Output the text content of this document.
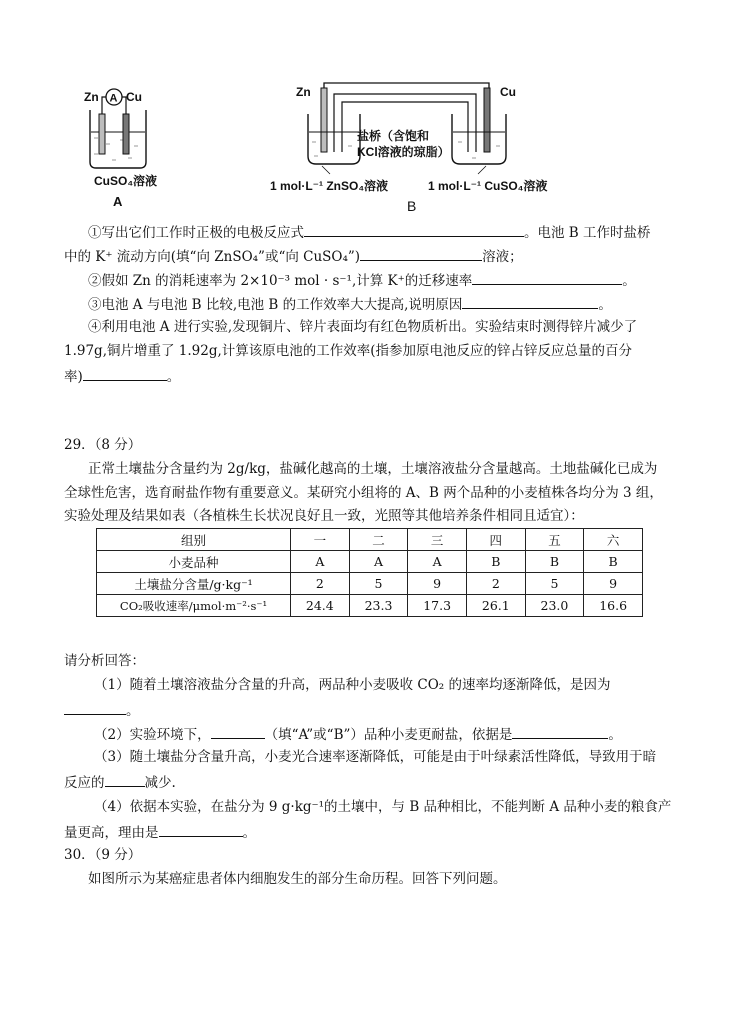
Zn A Cu
CuSO₄溶液
A
Zn	Cu
盐桥（含饱和
KCl溶液的琼脂）
1 mol·L⁻¹ ZnSO₄溶液	1 mol·L⁻¹ CuSO₄溶液
B
①写出它们工作时正极的电极反应式	。电池 B 工作时盐桥
中的 K⁺ 流动方向(填“向 ZnSO₄”或“向 CuSO₄”)	溶液；
②假如 Zn 的消耗速率为 2×10⁻³ mol · s⁻¹,计算 K⁺的迁移速率	。
③电池 A 与电池 B 比较,电池 B 的工作效率大大提高,说明原因	。
④利用电池 A 进行实验,发现铜片、锌片表面均有红色物质析出。实验结束时测得锌片减少了
1.97g,铜片增重了 1.92g,计算该原电池的工作效率(指参加原电池反应的锌占锌反应总量的百分
率)	。
29．（8 分）
正常土壤盐分含量约为 2g/kg，盐碱化越高的土壤，土壤溶液盐分含量越高。土地盐碱化已成为
全球性危害，选育耐盐作物有重要意义。某研究小组将的 A、B 两个品种的小麦植株各均分为 3 组，
实验处理及结果如表（各植株生长状况良好且一致，光照等其他培养条件相同且适宜）：
组别	一	二	三	四	五	六
小麦品种	A	A	A	B	B	B
土壤盐分含量/g·kg⁻¹	2	5	9	2	5	9
CO₂吸收速率/μmol·m⁻²·s⁻¹	24.4	23.3	17.3	26.1	23.0	16.6
请分析回答：
（1）随着土壤溶液盐分含量的升高，两品种小麦吸收 CO₂ 的速率均逐渐降低，是因为
。
（2）实验环境下，	（填“A”或“B”）品种小麦更耐盐，依据是	。
（3）随土壤盐分含量升高，小麦光合速率逐渐降低，可能是由于叶绿素活性降低，导致用于暗
反应的	减少.
（4）依据本实验，在盐分为 9 g·kg⁻¹的土壤中，与 B 品种相比，不能判断 A 品种小麦的粮食产
量更高，理由是	。
30．（9 分）
如图所示为某癌症患者体内细胞发生的部分生命历程。回答下列问题。
